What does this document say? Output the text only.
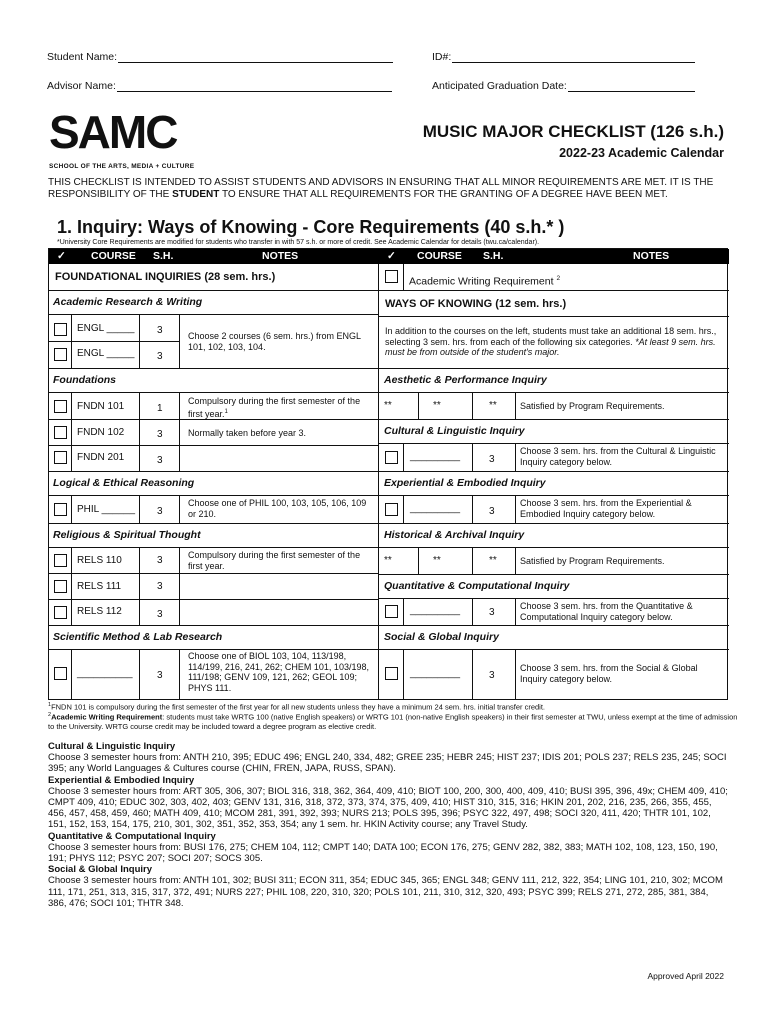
Student Name:	ID#:
Advisor Name:	Anticipated Graduation Date:
SAMC
SCHOOL OF THE ARTS, MEDIA + CULTURE
MUSIC MAJOR CHECKLIST (126 s.h.)
2022-23 Academic Calendar
THIS CHECKLIST IS INTENDED TO ASSIST STUDENTS AND ADVISORS IN ENSURING THAT ALL MINOR REQUIREMENTS ARE MET. IT IS THE RESPONSIBILITY OF THE STUDENT TO ENSURE THAT ALL REQUIREMENTS FOR THE GRANTING OF A DEGREE HAVE BEEN MET.
1. Inquiry: Ways of Knowing - Core Requirements (40 s.h.* )
*University Core Requirements are modified for students who transfer in with 57 s.h. or more of credit. See Academic Calendar for details (twu.ca/calendar).
✓ COURSE S.H.	NOTES	✓ COURSE S.H.	NOTES
FOUNDATIONAL INQUIRIES (28 sem. hrs.)
Academic Research & Writing
ENGL _____ 3
ENGL _____ 3
Choose 2 courses (6 sem. hrs.) from ENGL 101, 102, 103, 104.
Foundations
FNDN 101	1
Compulsory during the first semester of the first year.$^1$
FNDN 102	3	Normally taken before year 3.
FNDN 201	3
Logical & Ethical Reasoning
PHIL ______ 3
Choose one of PHIL 100, 103, 105, 106, 109 or 210.
Religious & Spiritual Thought
RELS 110	3	Compulsory during the first semester of the first year.
RELS 111	3
RELS 112	3
Scientific Method & Lab Research
__________ 3
Choose one of BIOL 103, 104, 113/198, 114/199, 216, 241, 262; CHEM 101, 103/198, 111/198; GENV 109, 121, 262; GEOL 109; PHYS 111.
Academic Writing Requirement $^2$
WAYS OF KNOWING (12 sem. hrs.)
In addition to the courses on the left, students must take an additional 18 sem. hrs., selecting 3 sem. hrs. from each of the following six categories. *At least 9 sem. hrs. must be from outside of the student's major.
Aesthetic & Performance Inquiry
**	**	**	Satisfied by Program Requirements.
Cultural & Linguistic Inquiry
_________	3
Choose 3 sem. hrs. from the Cultural & Linguistic Inquiry category below.
Experiential & Embodied Inquiry
_________	3
Choose 3 sem. hrs. from the Experiential & Embodied Inquiry category below.
Historical & Archival Inquiry
**	**	**	Satisfied by Program Requirements.
Quantitative & Computational Inquiry
_________	3
Choose 3 sem. hrs. from the Quantitative & Computational Inquiry category below.
Social & Global Inquiry
_________	3
Choose 3 sem. hrs. from the Social & Global Inquiry category below.
$^1$FNDN 101 is compulsory during the first semester of the first year for all new students unless they have a minimum 24 sem. hrs. initial transfer credit.
$^2$Academic Writing Requirement: students must take WRTG 100 (native English speakers) or WRTG 101 (non-native English speakers) in their first semester at TWU, unless exempt at the time of admission to the University. WRTG course credit may be included toward a degree program as elective credit.
Cultural & Linguistic Inquiry
Choose 3 semester hours from: ANTH 210, 395; EDUC 496; ENGL 240, 334, 482; GREE 235; HEBR 245; HIST 237; IDIS 201; POLS 237; RELS 235, 245; SOCI 395; any World Languages & Cultures course (CHIN, FREN, JAPA, RUSS, SPAN).
Experiential & Embodied Inquiry
Choose 3 semester hours from: ART 305, 306, 307; BIOL 316, 318, 362, 364, 409, 410; BIOT 100, 200, 300, 400, 409, 410; BUSI 395, 396, 49x; CHEM 409, 410; CMPT 409, 410; EDUC 302, 303, 402, 403; GENV 131, 316, 318, 372, 373, 374, 375, 409, 410; HIST 310, 315, 316; HKIN 201, 202, 216, 235, 266, 355, 455, 456, 457, 458, 459, 460; MATH 409, 410; MCOM 281, 391, 392, 393; NURS 213; POLS 395, 396; PSYC 322, 497, 498; SOCI 320, 411, 420; THTR 101, 102, 151, 152, 153, 154, 175, 210, 301, 302, 351, 352, 353, 354; any 1 sem. hr. HKIN Activity course; any Travel Study.
Quantitative & Computational Inquiry
Choose 3 semester hours from: BUSI 176, 275; CHEM 104, 112; CMPT 140; DATA 100; ECON 176, 275; GENV 282, 382, 383; MATH 102, 108, 123, 150, 190, 191; PHYS 112; PSYC 207; SOCI 207; SOCS 305.
Social & Global Inquiry
Choose 3 semester hours from: ANTH 101, 302; BUSI 311; ECON 311, 354; EDUC 345, 365; ENGL 348; GENV 111, 212, 322, 354; LING 101, 210, 302; MCOM 111, 171, 251, 313, 315, 317, 372, 491; NURS 227; PHIL 108, 220, 310, 320; POLS 101, 211, 310, 312, 320, 493; PSYC 399; RELS 271, 272, 285, 381, 384, 386, 476; SOCI 101; THTR 348.
Approved April 2022
